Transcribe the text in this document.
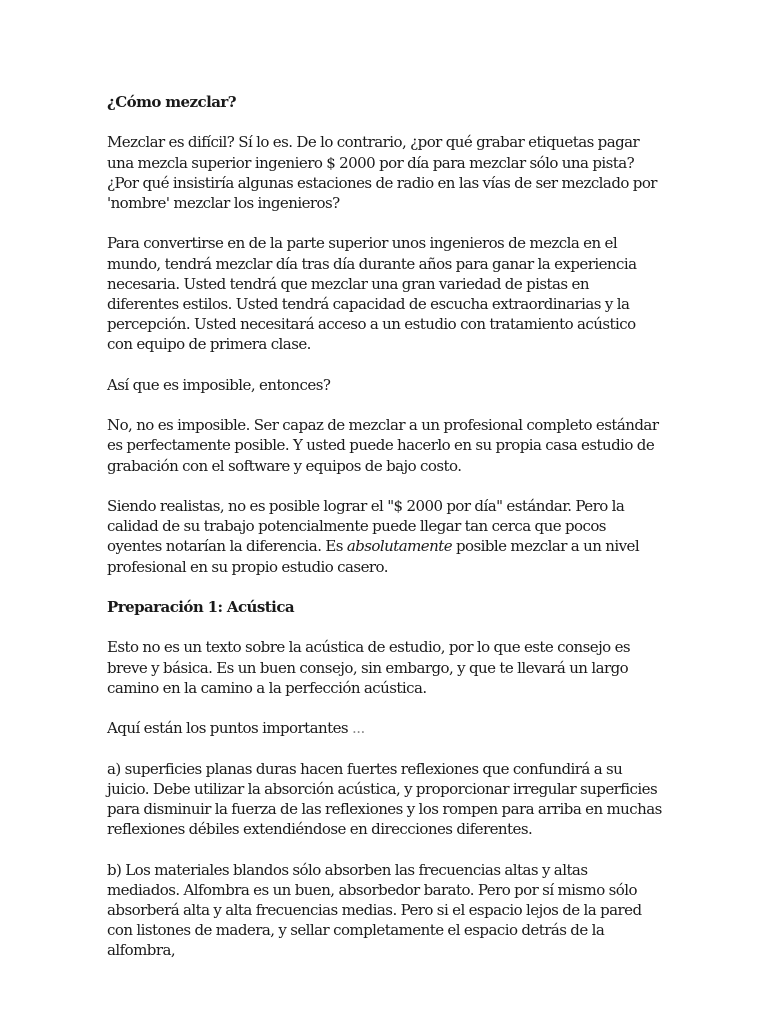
¿Cómo mezclar?

Mezclar es difícil? Sí lo es. De lo contrario, ¿por qué grabar etiquetas pagar una mezcla superior ingeniero $ 2000 por día para mezclar sólo una pista? ¿Por qué insistiría algunas estaciones de radio en las vías de ser mezclado por 'nombre' mezclar los ingenieros?

Para convertirse en de la parte superior unos ingenieros de mezcla en el mundo, tendrá mezclar día tras día durante años para ganar la experiencia necesaria. Usted tendrá que mezclar una gran variedad de pistas en diferentes estilos. Usted tendrá capacidad de escucha extraordinarias y la percepción. Usted necesitará acceso a un estudio con tratamiento acústico con equipo de primera clase.

Así que es imposible, entonces?

No, no es imposible. Ser capaz de mezclar a un profesional completo estándar es perfectamente posible. Y usted puede hacerlo en su propia casa estudio de grabación con el software y equipos de bajo costo.

Siendo realistas, no es posible lograr el "$ 2000 por día" estándar. Pero la calidad de su trabajo potencialmente puede llegar tan cerca que pocos oyentes notarían la diferencia. Es absolutamente posible mezclar a un nivel profesional en su propio estudio casero.

Preparación 1: Acústica

Esto no es un texto sobre la acústica de estudio, por lo que este consejo es breve y básica. Es un buen consejo, sin embargo, y que te llevará un largo camino en la camino a la perfección acústica.

Aquí están los puntos importantes ...

a) superficies planas duras hacen fuertes reflexiones que confundirá a su juicio. Debe utilizar la absorción acústica, y proporcionar irregular superficies para disminuir la fuerza de las reflexiones y los rompen para arriba en muchas reflexiones débiles extendiéndose en direcciones diferentes.

b) Los materiales blandos sólo absorben las frecuencias altas y altas mediados. Alfombra es un buen, absorbedor barato. Pero por sí mismo sólo absorberá alta y alta frecuencias medias. Pero si el espacio lejos de la pared con listones de madera, y sellar completamente el espacio detrás de la alfombra,
